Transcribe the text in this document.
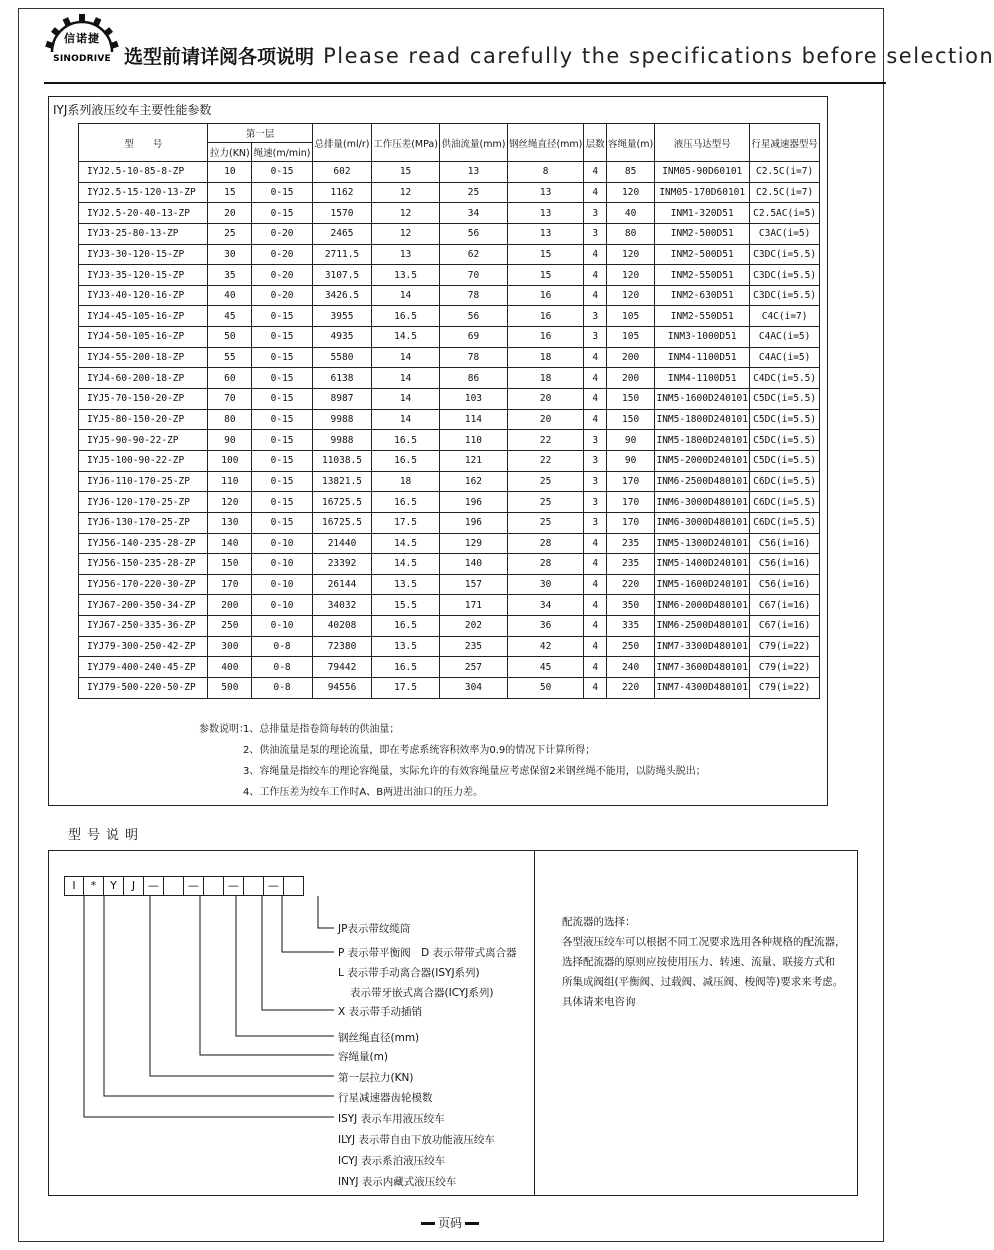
信诺捷
SINODRIVE 选型前请详阅各项说明 Please read carefully the specifications before selection
IYJ系列液压绞车主要性能参数
型　　号	第一层		总排量(ml/r)	工作压差(MPa)	供油流量(mm)	钢丝绳直径(mm)	层数	容绳量(m)	液压马达型号	行星减速器型号
	拉力(KN)	绳速(m/min)								
IYJ2.5-10-85-8-ZP	10	0-15	602	15	13	8	4	85	INM05-90D60101	C2.5C(i=7)
IYJ2.5-15-120-13-ZP	15	0-15	1162	12	25	13	4	120	INM05-170D60101	C2.5C(i=7)
IYJ2.5-20-40-13-ZP	20	0-15	1570	12	34	13	3	40	INM1-320D51	C2.5AC(i=5)
IYJ3-25-80-13-ZP	25	0-20	2465	12	56	13	3	80	INM2-500D51	C3AC(i=5)
IYJ3-30-120-15-ZP	30	0-20	2711.5	13	62	15	4	120	INM2-500D51	C3DC(i=5.5)
IYJ3-35-120-15-ZP	35	0-20	3107.5	13.5	70	15	4	120	INM2-550D51	C3DC(i=5.5)
IYJ3-40-120-16-ZP	40	0-20	3426.5	14	78	16	4	120	INM2-630D51	C3DC(i=5.5)
IYJ4-45-105-16-ZP	45	0-15	3955	16.5	56	16	3	105	INM2-550D51	C4C(i=7)
IYJ4-50-105-16-ZP	50	0-15	4935	14.5	69	16	3	105	INM3-1000D51	C4AC(i=5)
IYJ4-55-200-18-ZP	55	0-15	5580	14	78	18	4	200	INM4-1100D51	C4AC(i=5)
IYJ4-60-200-18-ZP	60	0-15	6138	14	86	18	4	200	INM4-1100D51	C4DC(i=5.5)
IYJ5-70-150-20-ZP	70	0-15	8987	14	103	20	4	150	INM5-1600D240101	C5DC(i=5.5)
IYJ5-80-150-20-ZP	80	0-15	9988	14	114	20	4	150	INM5-1800D240101	C5DC(i=5.5)
IYJ5-90-90-22-ZP	90	0-15	9988	16.5	110	22	3	90	INM5-1800D240101	C5DC(i=5.5)
IYJ5-100-90-22-ZP	100	0-15	11038.5	16.5	121	22	3	90	INM5-2000D240101	C5DC(i=5.5)
IYJ6-110-170-25-ZP	110	0-15	13821.5	18	162	25	3	170	INM6-2500D480101	C6DC(i=5.5)
IYJ6-120-170-25-ZP	120	0-15	16725.5	16.5	196	25	3	170	INM6-3000D480101	C6DC(i=5.5)
IYJ6-130-170-25-ZP	130	0-15	16725.5	17.5	196	25	3	170	INM6-3000D480101	C6DC(i=5.5)
IYJ56-140-235-28-ZP	140	0-10	21440	14.5	129	28	4	235	INM5-1300D240101	C56(i=16)
IYJ56-150-235-28-ZP	150	0-10	23392	14.5	140	28	4	235	INM5-1400D240101	C56(i=16)
IYJ56-170-220-30-ZP	170	0-10	26144	13.5	157	30	4	220	INM5-1600D240101	C56(i=16)
IYJ67-200-350-34-ZP	200	0-10	34032	15.5	171	34	4	350	INM6-2000D480101	C67(i=16)
IYJ67-250-335-36-ZP	250	0-10	40208	16.5	202	36	4	335	INM6-2500D480101	C67(i=16)
IYJ79-300-250-42-ZP	300	0-8	72380	13.5	235	42	4	250	INM7-3300D480101	C79(i=22)
IYJ79-400-240-45-ZP	400	0-8	79442	16.5	257	45	4	240	INM7-3600D480101	C79(i=22)
IYJ79-500-220-50-ZP	500	0-8	94556	17.5	304	50	4	220	INM7-4300D480101	C79(i=22)
参数说明：1、总排量是指卷筒每转的供油量；
2、供油流量是泵的理论流量，即在考虑系统容积效率为0.9的情况下计算所得；
3、容绳量是指绞车的理论容绳量，实际允许的有效容绳量应考虑保留2米钢丝绳不能用，以防绳头脱出；
4、工作压差为绞车工作时A、B两进出油口的压力差。
型号说明
I	*	Y	J	—	—	—	—
JP表示带纹缆筒
P 表示带平衡阀　D 表示带带式离合器
L 表示带手动离合器(ISYJ系列)
表示带牙嵌式离合器(ICYJ系列)
X 表示带手动插销
钢丝绳直径(mm)
容绳量(m)
第一层拉力(KN)
行星减速器齿轮模数
ISYJ 表示车用液压绞车
ILYJ 表示带自由下放功能液压绞车
ICYJ 表示系泊液压绞车
INYJ 表示内藏式液压绞车
配流器的选择：
各型液压绞车可以根据不同工况要求选用各种规格的配流器，
选择配流器的原则应按使用压力、转速、流量、联接方式和
所集成阀组(平衡阀、过载阀、减压阀、梭阀等)要求来考虑。
具体请来电咨询
页码
